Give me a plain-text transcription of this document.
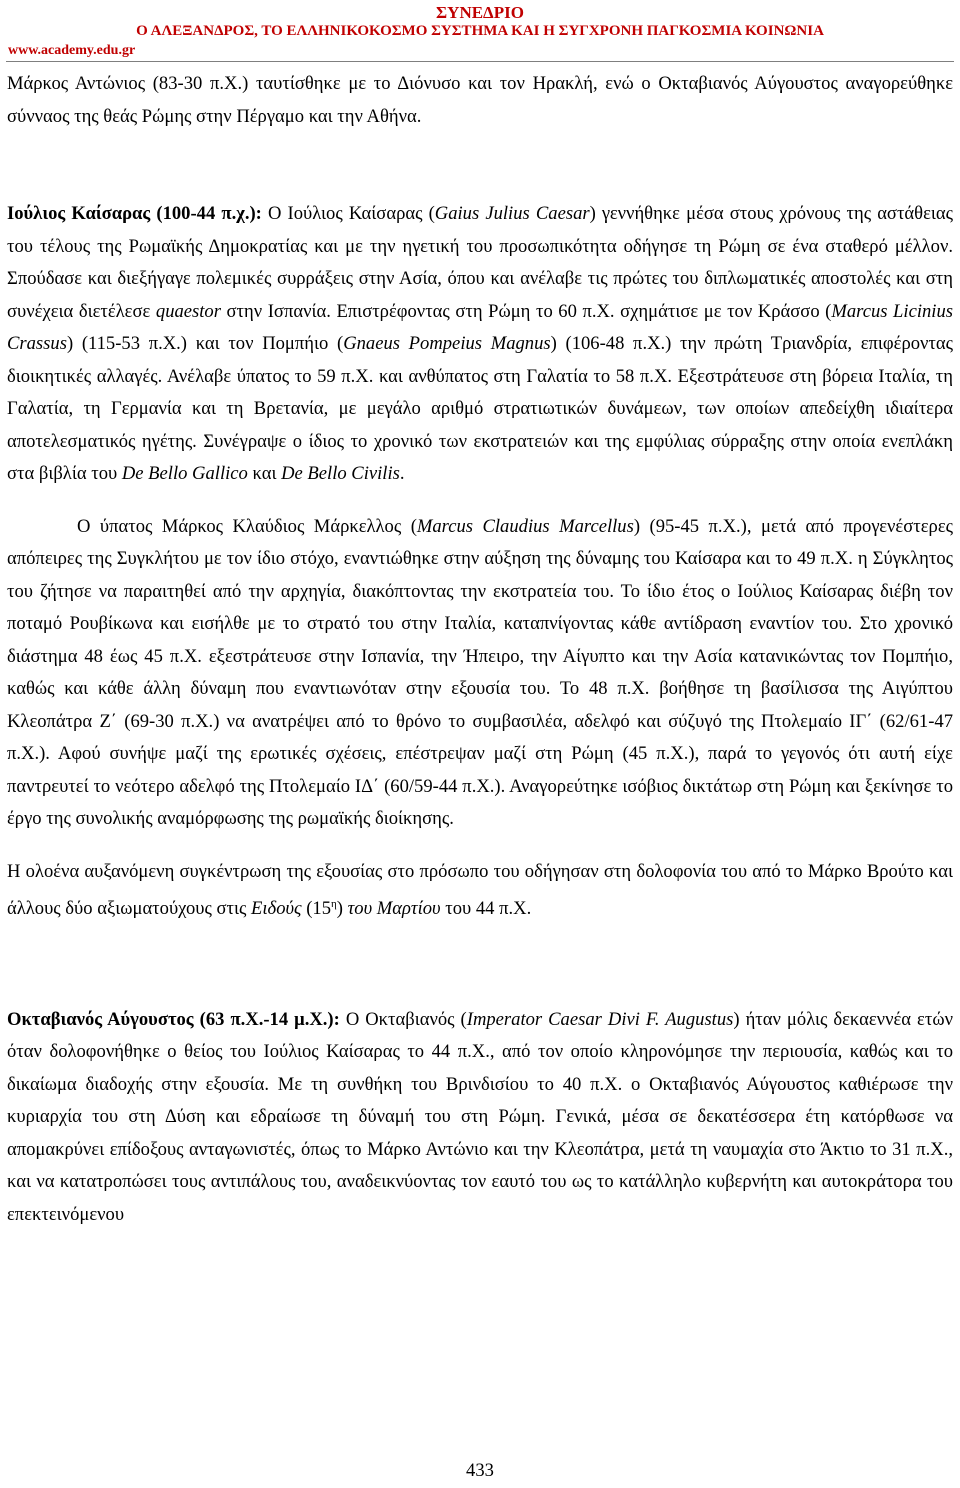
ΣΥΝΕΔΡΙΟ
Ο ΑΛΕΞΑΝΔΡΟΣ, ΤΟ ΕΛΛΗΝΙΚΟΚΟΣΜΟ ΣΥΣΤΗΜΑ ΚΑΙ Η ΣΥΓΧΡΟΝΗ ΠΑΓΚΟΣΜΙΑ ΚΟΙΝΩΝΙΑ
www.academy.edu.gr

Μάρκος Αντώνιος (83-30 π.Χ.) ταυτίσθηκε με το Διόνυσο και τον Ηρακλή, ενώ ο Οκταβιανός Αύγουστος αναγορεύθηκε σύνναος της θεάς Ρώμης στην Πέργαμο και την Αθήνα.

Ιούλιος Καίσαρας (100-44 π.χ.): Ο Ιούλιος Καίσαρας (Gaius Julius Caesar) γεννήθηκε μέσα στους χρόνους της αστάθειας του τέλους της Ρωμαϊκής Δημοκρατίας και με την ηγετική του προσωπικότητα οδήγησε τη Ρώμη σε ένα σταθερό μέλλον. Σπούδασε και διεξήγαγε πολεμικές συρράξεις στην Ασία, όπου και ανέλαβε τις πρώτες του διπλωματικές αποστολές και στη συνέχεια διετέλεσε quaestor στην Ισπανία. Επιστρέφοντας στη Ρώμη το 60 π.Χ. σχημάτισε με τον Κράσσο (Marcus Licinius Crassus) (115-53 π.Χ.) και τον Πομπήιο (Gnaeus Pompeius Magnus) (106-48 π.Χ.) την πρώτη Τριανδρία, επιφέροντας διοικητικές αλλαγές. Ανέλαβε ύπατος το 59 π.Χ. και ανθύπατος στη Γαλατία το 58 π.Χ. Εξεστράτευσε στη βόρεια Ιταλία, τη Γαλατία, τη Γερμανία και τη Βρετανία, με μεγάλο αριθμό στρατιωτικών δυνάμεων, των οποίων απεδείχθη ιδιαίτερα αποτελεσματικός ηγέτης. Συνέγραψε ο ίδιος το χρονικό των εκστρατειών και της εμφύλιας σύρραξης στην οποία ενεπλάκη στα βιβλία του De Bello Gallico και De Bello Civilis.

Ο ύπατος Μάρκος Κλαύδιος Μάρκελλος (Marcus Claudius Marcellus) (95-45 π.Χ.), μετά από προγενέστερες απόπειρες της Συγκλήτου με τον ίδιο στόχο, εναντιώθηκε στην αύξηση της δύναμης του Καίσαρα και το 49 π.Χ. η Σύγκλητος του ζήτησε να παραιτηθεί από την αρχηγία, διακόπτοντας την εκστρατεία του. Το ίδιο έτος ο Ιούλιος Καίσαρας διέβη τον ποταμό Ρουβίκωνα και εισήλθε με το στρατό του στην Ιταλία, καταπνίγοντας κάθε αντίδραση εναντίον του. Στο χρονικό διάστημα 48 έως 45 π.Χ. εξεστράτευσε στην Ισπανία, την Ήπειρο, την Αίγυπτο και την Ασία κατανικώντας τον Πομπήιο, καθώς και κάθε άλλη δύναμη που εναντιωνόταν στην εξουσία του. Το 48 π.Χ. βοήθησε τη βασίλισσα της Αιγύπτου Κλεοπάτρα Ζ΄ (69-30 π.Χ.) να ανατρέψει από το θρόνο το συμβασιλέα, αδελφό και σύζυγό της Πτολεμαίο ΙΓ΄ (62/61-47 π.Χ.). Αφού συνήψε μαζί της ερωτικές σχέσεις, επέστρεψαν μαζί στη Ρώμη (45 π.Χ.), παρά το γεγονός ότι αυτή είχε παντρευτεί το νεότερο αδελφό της Πτολεμαίο ΙΔ΄ (60/59-44 π.Χ.). Αναγορεύτηκε ισόβιος δικτάτωρ στη Ρώμη και ξεκίνησε το έργο της συνολικής αναμόρφωσης της ρωμαϊκής διοίκησης.

Η ολοένα αυξανόμενη συγκέντρωση της εξουσίας στο πρόσωπο του οδήγησαν στη δολοφονία του από το Μάρκο Βρούτο και άλλους δύο αξιωματούχους στις Ειδούς $(15^\eta)$ του Μαρτίου του 44 π.Χ.

Οκταβιανός Αύγουστος (63 π.Χ.-14 μ.Χ.): Ο Οκταβιανός (Imperator Caesar Divi F. Augustus) ήταν μόλις δεκαεννέα ετών όταν δολοφονήθηκε ο θείος του Ιούλιος Καίσαρας το 44 π.Χ., από τον οποίο κληρονόμησε την περιουσία, καθώς και το δικαίωμα διαδοχής στην εξουσία. Με τη συνθήκη του Βρινδισίου το 40 π.Χ. ο Οκταβιανός Αύγουστος καθιέρωσε την κυριαρχία του στη Δύση και εδραίωσε τη δύναμή του στη Ρώμη. Γενικά, μέσα σε δεκατέσσερα έτη κατόρθωσε να απομακρύνει επίδοξους ανταγωνιστές, όπως το Μάρκο Αντώνιο και την Κλεοπάτρα, μετά τη ναυμαχία στο Άκτιο το 31 π.Χ., και να κατατροπώσει τους αντιπάλους του, αναδεικνύοντας τον εαυτό του ως το κατάλληλο κυβερνήτη και αυτοκράτορα του επεκτεινόμενου

433
